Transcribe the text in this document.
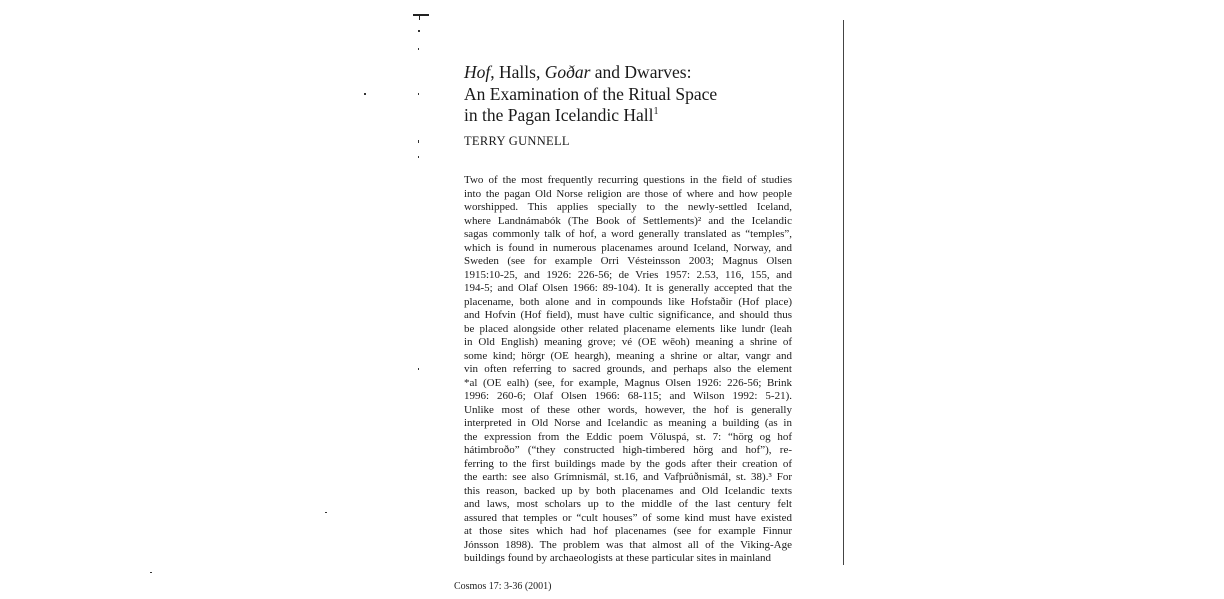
Hof, Halls, Goðar and Dwarves:
An Examination of the Ritual Space
in the Pagan Icelandic Hall$^1$
TERRY GUNNELL
Two of the most frequently recurring questions in the field of studies
into the pagan Old Norse religion are those of where and how people
worshipped. This applies specially to the newly-settled Iceland,
where Landnámabók (The Book of Settlements)² and the Icelandic
sagas commonly talk of hof, a word generally translated as “temples”,
which is found in numerous placenames around Iceland, Norway, and
Sweden (see for example Orri Vésteinsson 2003; Magnus Olsen
1915:10-25, and 1926: 226-56; de Vries 1957: 2.53, 116, 155, and
194-5; and Olaf Olsen 1966: 89-104). It is generally accepted that the
placename, both alone and in compounds like Hofstaðir (Hof place)
and Hofvin (Hof field), must have cultic significance, and should thus
be placed alongside other related placename elements like lundr (leah
in Old English) meaning grove; vé (OE wēoh) meaning a shrine of
some kind; hörgr (OE heargh), meaning a shrine or altar, vangr and
vin often referring to sacred grounds, and perhaps also the element
*al (OE ealh) (see, for example, Magnus Olsen 1926: 226-56; Brink
1996: 260-6; Olaf Olsen 1966: 68-115; and Wilson 1992: 5-21).
Unlike most of these other words, however, the hof is generally
interpreted in Old Norse and Icelandic as meaning a building (as in
the expression from the Eddic poem Völuspá, st. 7: “hörg og hof
hátimbroðo” (“they constructed high-timbered hörg and hof”), re-
ferring to the first buildings made by the gods after their creation of
the earth: see also Grímnismál, st.16, and Vafþrúðnismál, st. 38).³ For
this reason, backed up by both placenames and Old Icelandic texts
and laws, most scholars up to the middle of the last century felt
assured that temples or “cult houses” of some kind must have existed
at those sites which had hof placenames (see for example Finnur
Jónsson 1898). The problem was that almost all of the Viking-Age
buildings found by archaeologists at these particular sites in mainland
Cosmos 17: 3-36 (2001)
